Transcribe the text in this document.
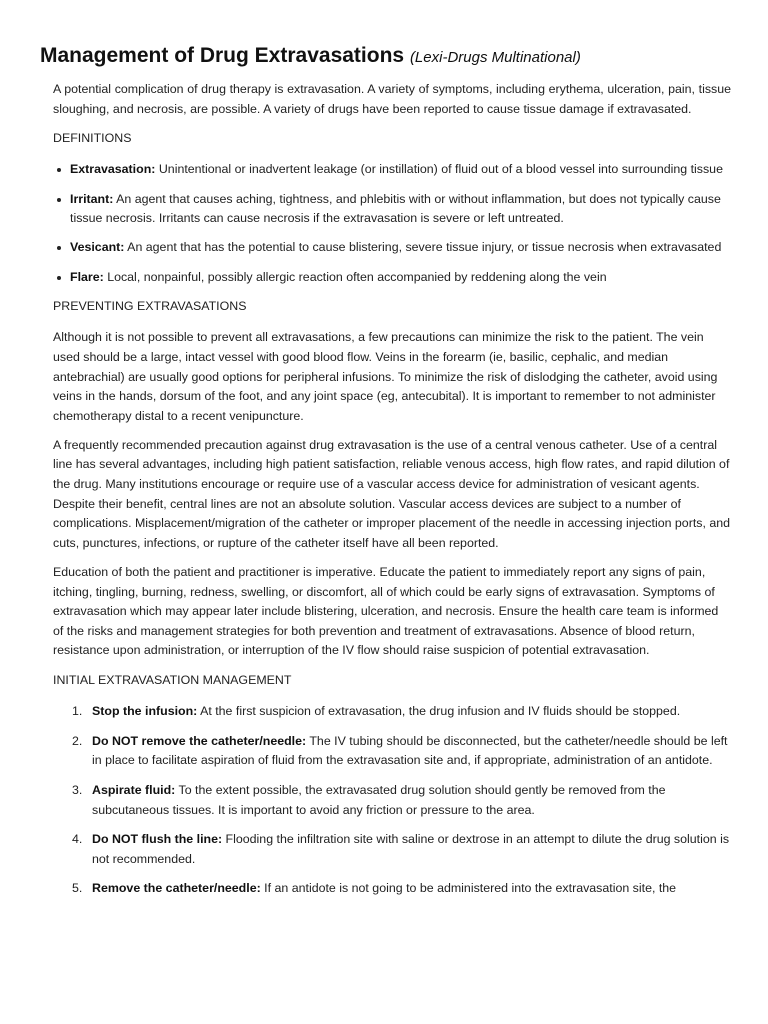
Management of Drug Extravasations (Lexi-Drugs Multinational)

A potential complication of drug therapy is extravasation. A variety of symptoms, including erythema, ulceration, pain, tissue sloughing, and necrosis, are possible. A variety of drugs have been reported to cause tissue damage if extravasated.

DEFINITIONS
Extravasation: Unintentional or inadvertent leakage (or instillation) of fluid out of a blood vessel into surrounding tissue
Irritant: An agent that causes aching, tightness, and phlebitis with or without inflammation, but does not typically cause tissue necrosis. Irritants can cause necrosis if the extravasation is severe or left untreated.
Vesicant: An agent that has the potential to cause blistering, severe tissue injury, or tissue necrosis when extravasated
Flare: Local, nonpainful, possibly allergic reaction often accompanied by reddening along the vein
PREVENTING EXTRAVASATIONS

Although it is not possible to prevent all extravasations, a few precautions can minimize the risk to the patient. The vein used should be a large, intact vessel with good blood flow. Veins in the forearm (ie, basilic, cephalic, and median antebrachial) are usually good options for peripheral infusions. To minimize the risk of dislodging the catheter, avoid using veins in the hands, dorsum of the foot, and any joint space (eg, antecubital). It is important to remember to not administer chemotherapy distal to a recent venipuncture.

A frequently recommended precaution against drug extravasation is the use of a central venous catheter. Use of a central line has several advantages, including high patient satisfaction, reliable venous access, high flow rates, and rapid dilution of the drug. Many institutions encourage or require use of a vascular access device for administration of vesicant agents. Despite their benefit, central lines are not an absolute solution. Vascular access devices are subject to a number of complications. Misplacement/migration of the catheter or improper placement of the needle in accessing injection ports, and cuts, punctures, infections, or rupture of the catheter itself have all been reported.

Education of both the patient and practitioner is imperative. Educate the patient to immediately report any signs of pain, itching, tingling, burning, redness, swelling, or discomfort, all of which could be early signs of extravasation. Symptoms of extravasation which may appear later include blistering, ulceration, and necrosis. Ensure the health care team is informed of the risks and management strategies for both prevention and treatment of extravasations. Absence of blood return, resistance upon administration, or interruption of the IV flow should raise suspicion of potential extravasation.

INITIAL EXTRAVASATION MANAGEMENT
1. Stop the infusion: At the first suspicion of extravasation, the drug infusion and IV fluids should be stopped.
2. Do NOT remove the catheter/needle: The IV tubing should be disconnected, but the catheter/needle should be left in place to facilitate aspiration of fluid from the extravasation site and, if appropriate, administration of an antidote.
3. Aspirate fluid: To the extent possible, the extravasated drug solution should gently be removed from the subcutaneous tissues. It is important to avoid any friction or pressure to the area.
4. Do NOT flush the line: Flooding the infiltration site with saline or dextrose in an attempt to dilute the drug solution is not recommended.
5. Remove the catheter/needle: If an antidote is not going to be administered into the extravasation site, the
